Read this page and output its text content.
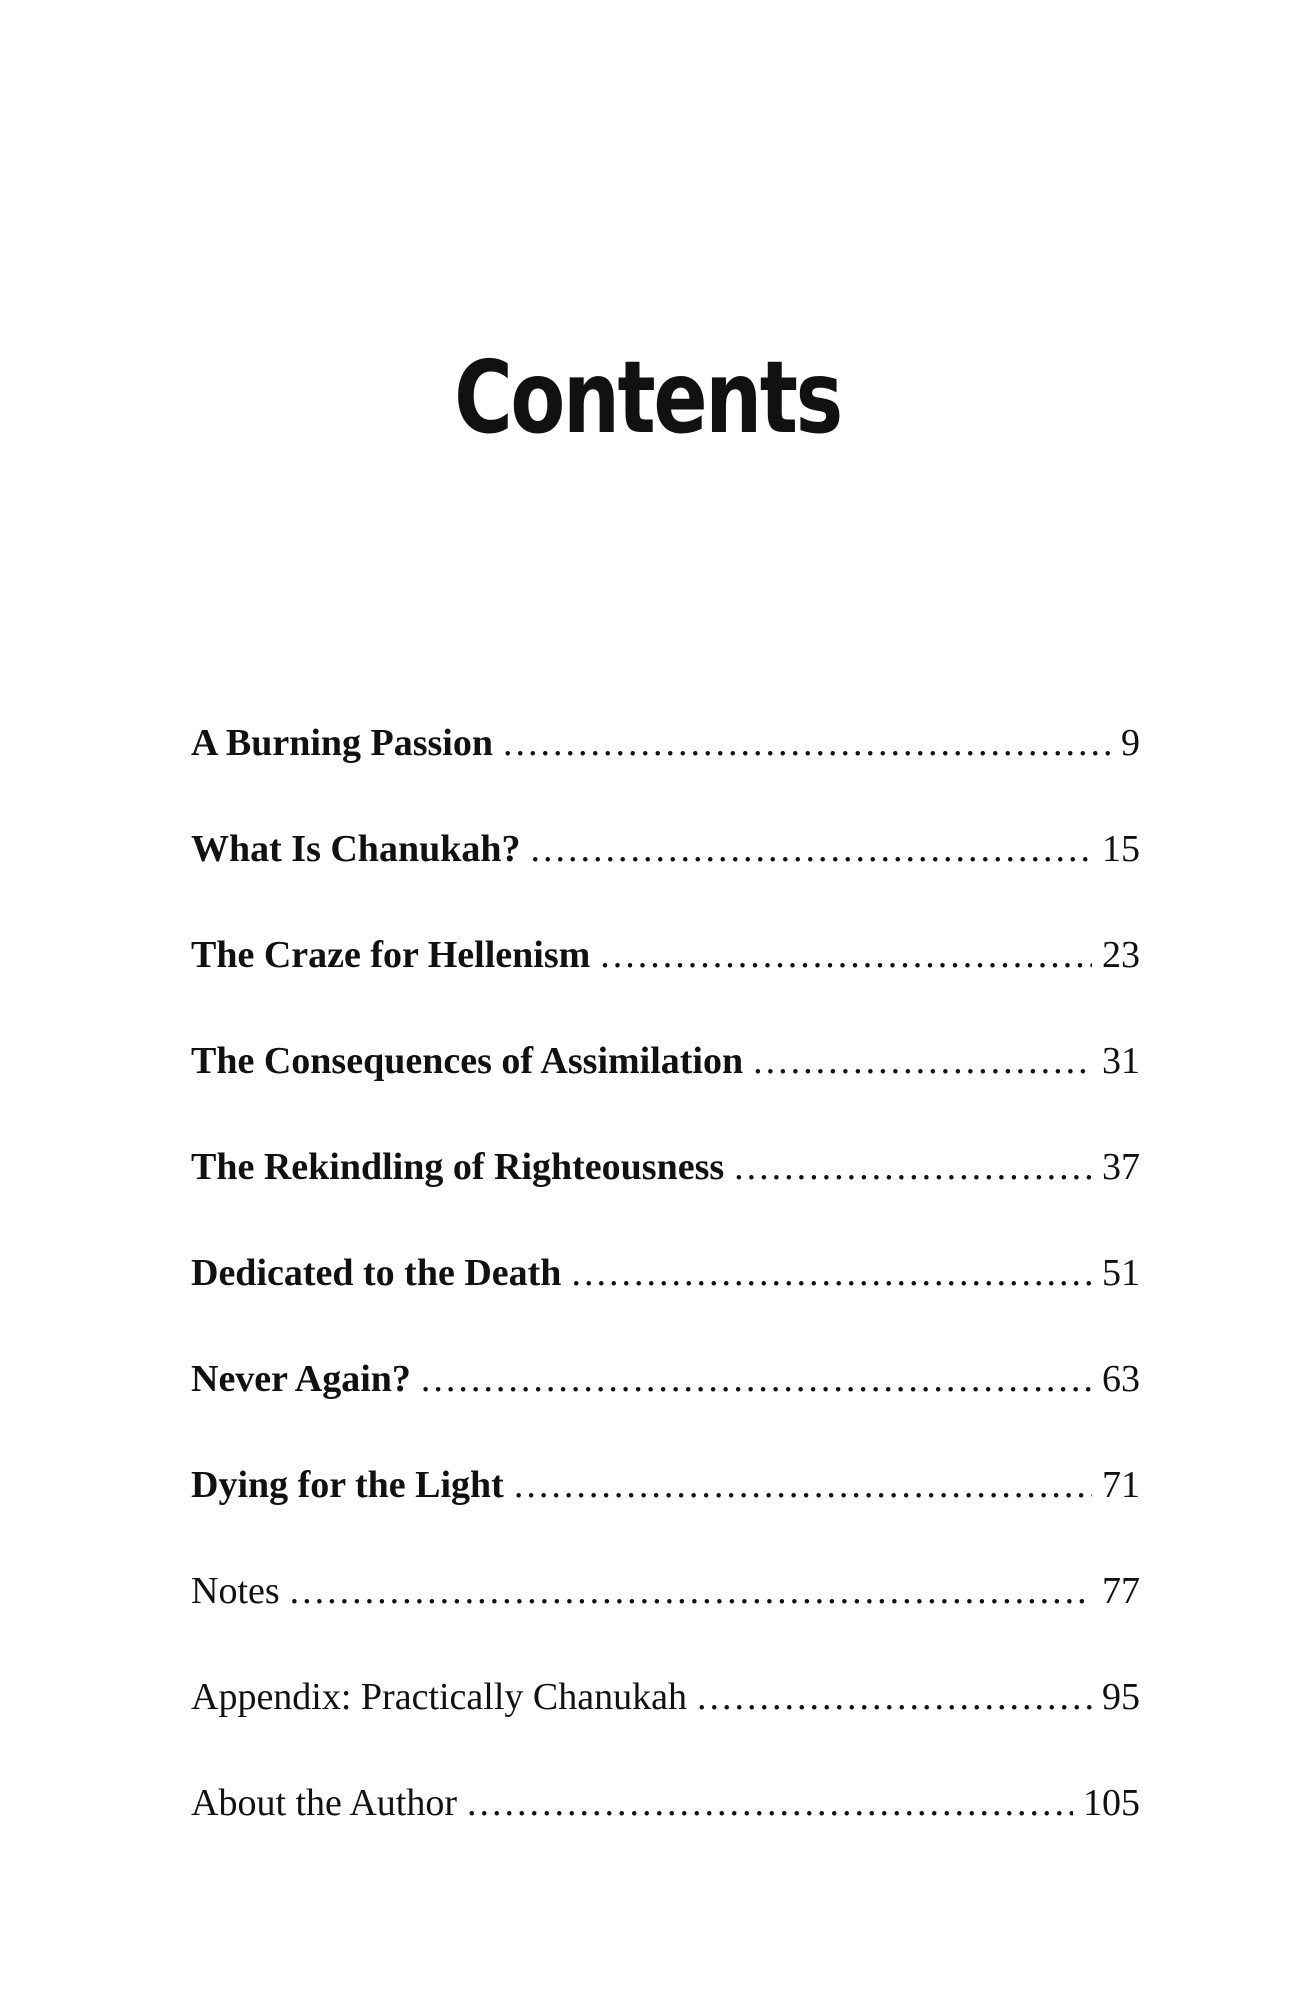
Contents
A Burning Passion .....	9
What Is Chanukah? .....	15
The Craze for Hellenism .....	23
The Consequences of Assimilation .....	31
The Rekindling of Righteousness .....	37
Dedicated to the Death .....	51
Never Again? .....	63
Dying for the Light .....	71
Notes .....	77
Appendix: Practically Chanukah .....	95
About the Author .....	105
